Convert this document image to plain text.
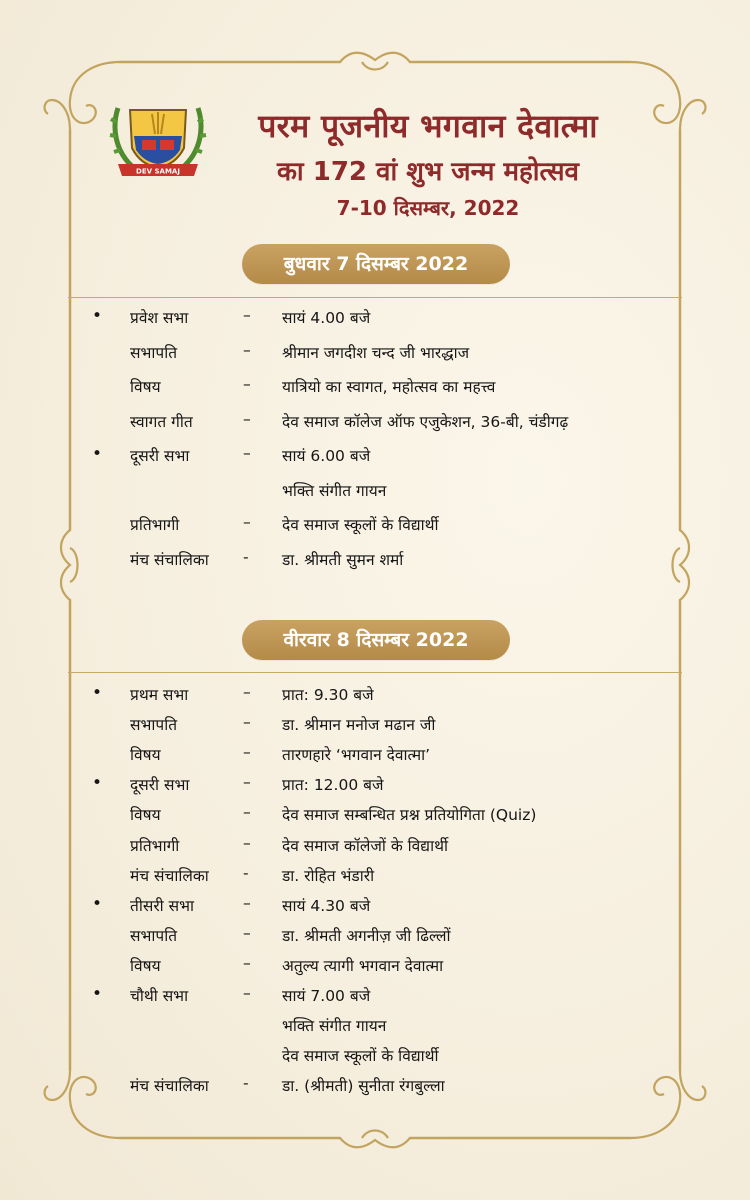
DEV SAMAJ
परम पूजनीय भगवान देवात्मा
का 172 वां शुभ जन्म महोत्सव
7-10 दिसम्बर, 2022
बुधवार 7 दिसम्बर 2022
• प्रवेश सभा	– सायं 4.00 बजे
सभापति	– श्रीमान जगदीश चन्द जी भारद्धाज
विषय	– यात्रियो का स्वागत, महोत्सव का महत्त्व
स्वागत गीत	– देव समाज कॉलेज ऑफ एजुकेशन, 36-बी, चंडीगढ़
• दूसरी सभा	– सायं 6.00 बजे
भक्ति संगीत गायन
प्रतिभागी	– देव समाज स्कूलों के विद्यार्थी
मंच संचालिका - डा. श्रीमती सुमन शर्मा
वीरवार 8 दिसम्बर 2022
• प्रथम सभा	– प्रात: 9.30 बजे
सभापति	– डा. श्रीमान मनोज मढान जी
विषय	– तारणहारे ‘भगवान देवात्मा’
• दूसरी सभा	– प्रात: 12.00 बजे
विषय	– देव समाज सम्बन्धित प्रश्न प्रतियोगिता (Quiz)
प्रतिभागी	– देव समाज कॉलेजों के विद्यार्थी
मंच संचालिका - डा. रोहित भंडारी
• तीसरी सभा	– सायं 4.30 बजे
सभापति	– डा. श्रीमती अगनीज़ जी ढिल्लों
विषय	– अतुल्य त्यागी भगवान देवात्मा
• चौथी सभा	– सायं 7.00 बजे
भक्ति संगीत गायन
देव समाज स्कूलों के विद्यार्थी
मंच संचालिका - डा. (श्रीमती) सुनीता रंगबुल्ला
